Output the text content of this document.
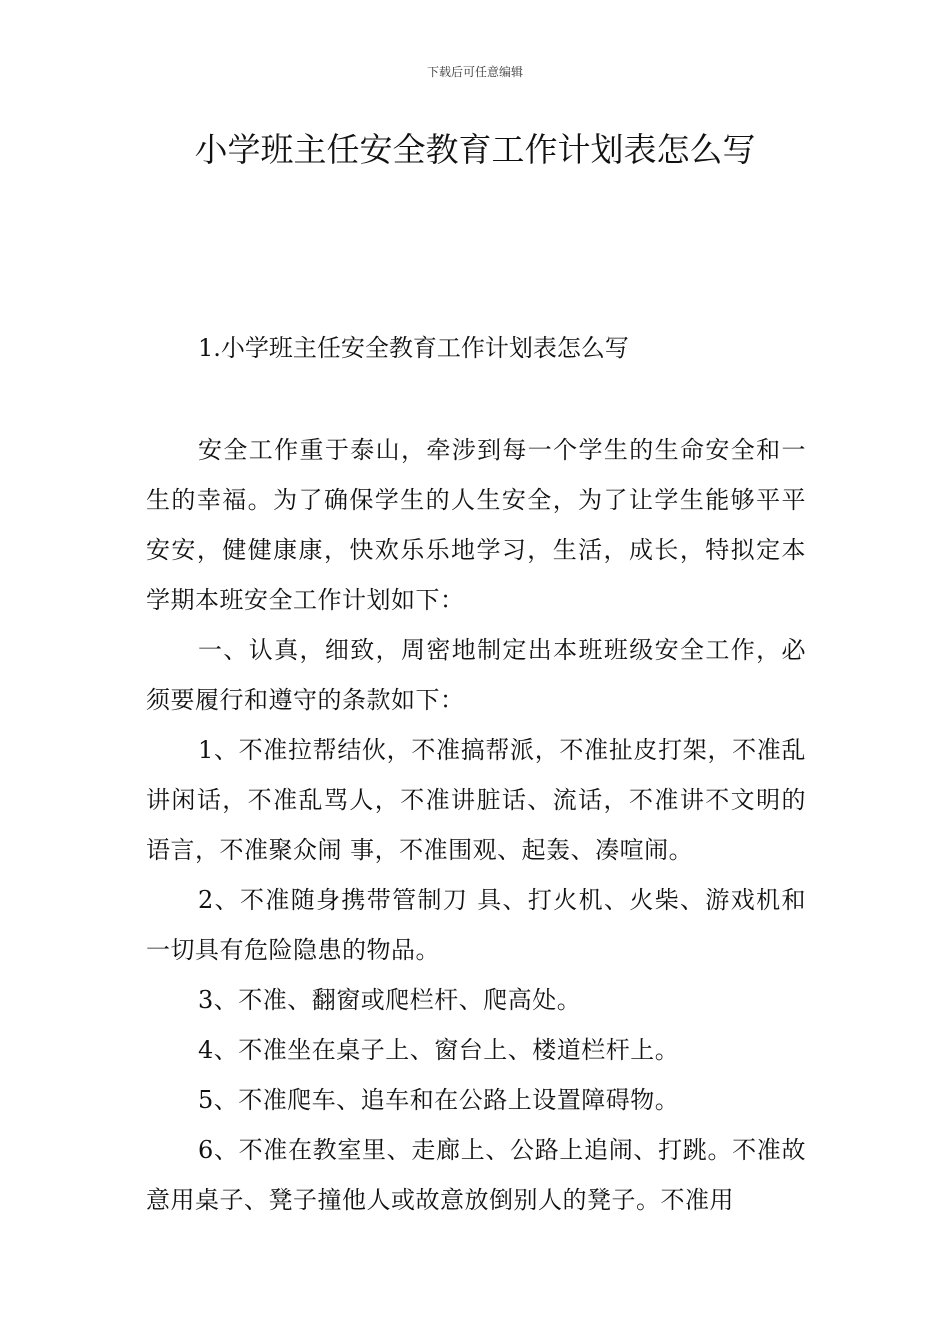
下载后可任意编辑
小学班主任安全教育工作计划表怎么写
1.小学班主任安全教育工作计划表怎么写

安全工作重于泰山，牵涉到每一个学生的生命安全和一生的幸福。为了确保学生的人生安全，为了让学生能够平平安安，健健康康，快欢乐乐地学习，生活，成长，特拟定本学期本班安全工作计划如下：

一、认真，细致，周密地制定出本班班级安全工作，必须要履行和遵守的条款如下：

1、不准拉帮结伙，不准搞帮派，不准扯皮打架，不准乱讲闲话，不准乱骂人，不准讲脏话、流话，不准讲不文明的语言，不准聚众闹 事，不准围观、起轰、凑喧闹。

2、不准随身携带管制刀 具、打火机、火柴、游戏机和一切具有危险隐患的物品。

3、不准、翻窗或爬栏杆、爬高处。

4、不准坐在桌子上、窗台上、楼道栏杆上。

5、不准爬车、追车和在公路上设置障碍物。

6、不准在教室里、走廊上、公路上追闹、打跳。不准故意用桌子、凳子撞他人或故意放倒别人的凳子。不准用
